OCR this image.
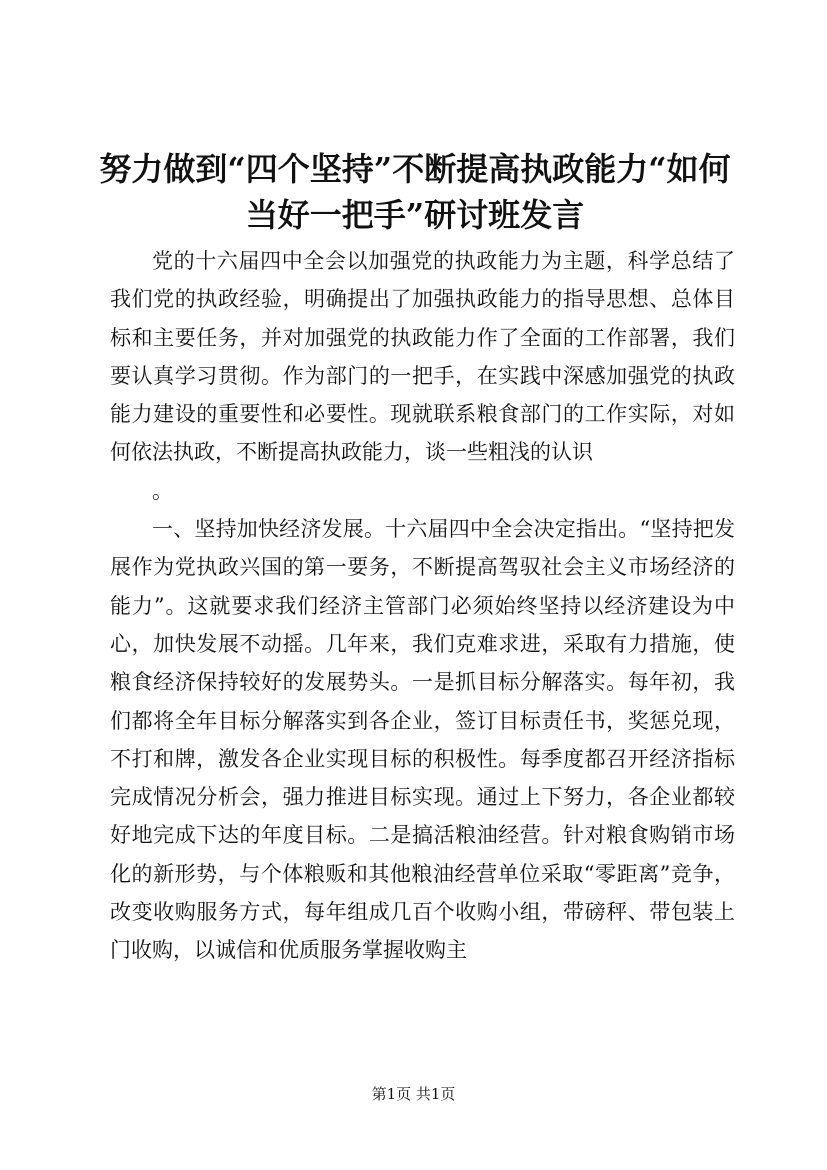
努力做到“四个坚持”不断提高执政能力“如何当好一把手”研讨班发言

党的十六届四中全会以加强党的执政能力为主题，科学总结了我们党的执政经验，明确提出了加强执政能力的指导思想、总体目标和主要任务，并对加强党的执政能力作了全面的工作部署，我们要认真学习贯彻。作为部门的一把手，在实践中深感加强党的执政能力建设的重要性和必要性。现就联系粮食部门的工作实际，对如何依法执政，不断提高执政能力，谈一些粗浅的认识

。

一、坚持加快经济发展。十六届四中全会决定指出。“坚持把发展作为党执政兴国的第一要务，不断提高驾驭社会主义市场经济的能力”。这就要求我们经济主管部门必须始终坚持以经济建设为中心，加快发展不动摇。几年来，我们克难求进，采取有力措施，使粮食经济保持较好的发展势头。一是抓目标分解落实。每年初，我们都将全年目标分解落实到各企业，签订目标责任书，奖惩兑现，不打和牌，激发各企业实现目标的积极性。每季度都召开经济指标完成情况分析会，强力推进目标实现。通过上下努力，各企业都较好地完成下达的年度目标。二是搞活粮油经营。针对粮食购销市场化的新形势，与个体粮贩和其他粮油经营单位采取“零距离”竞争，改变收购服务方式，每年组成几百个收购小组，带磅秤、带包装上门收购，以诚信和优质服务掌握收购主

第1页 共1页
